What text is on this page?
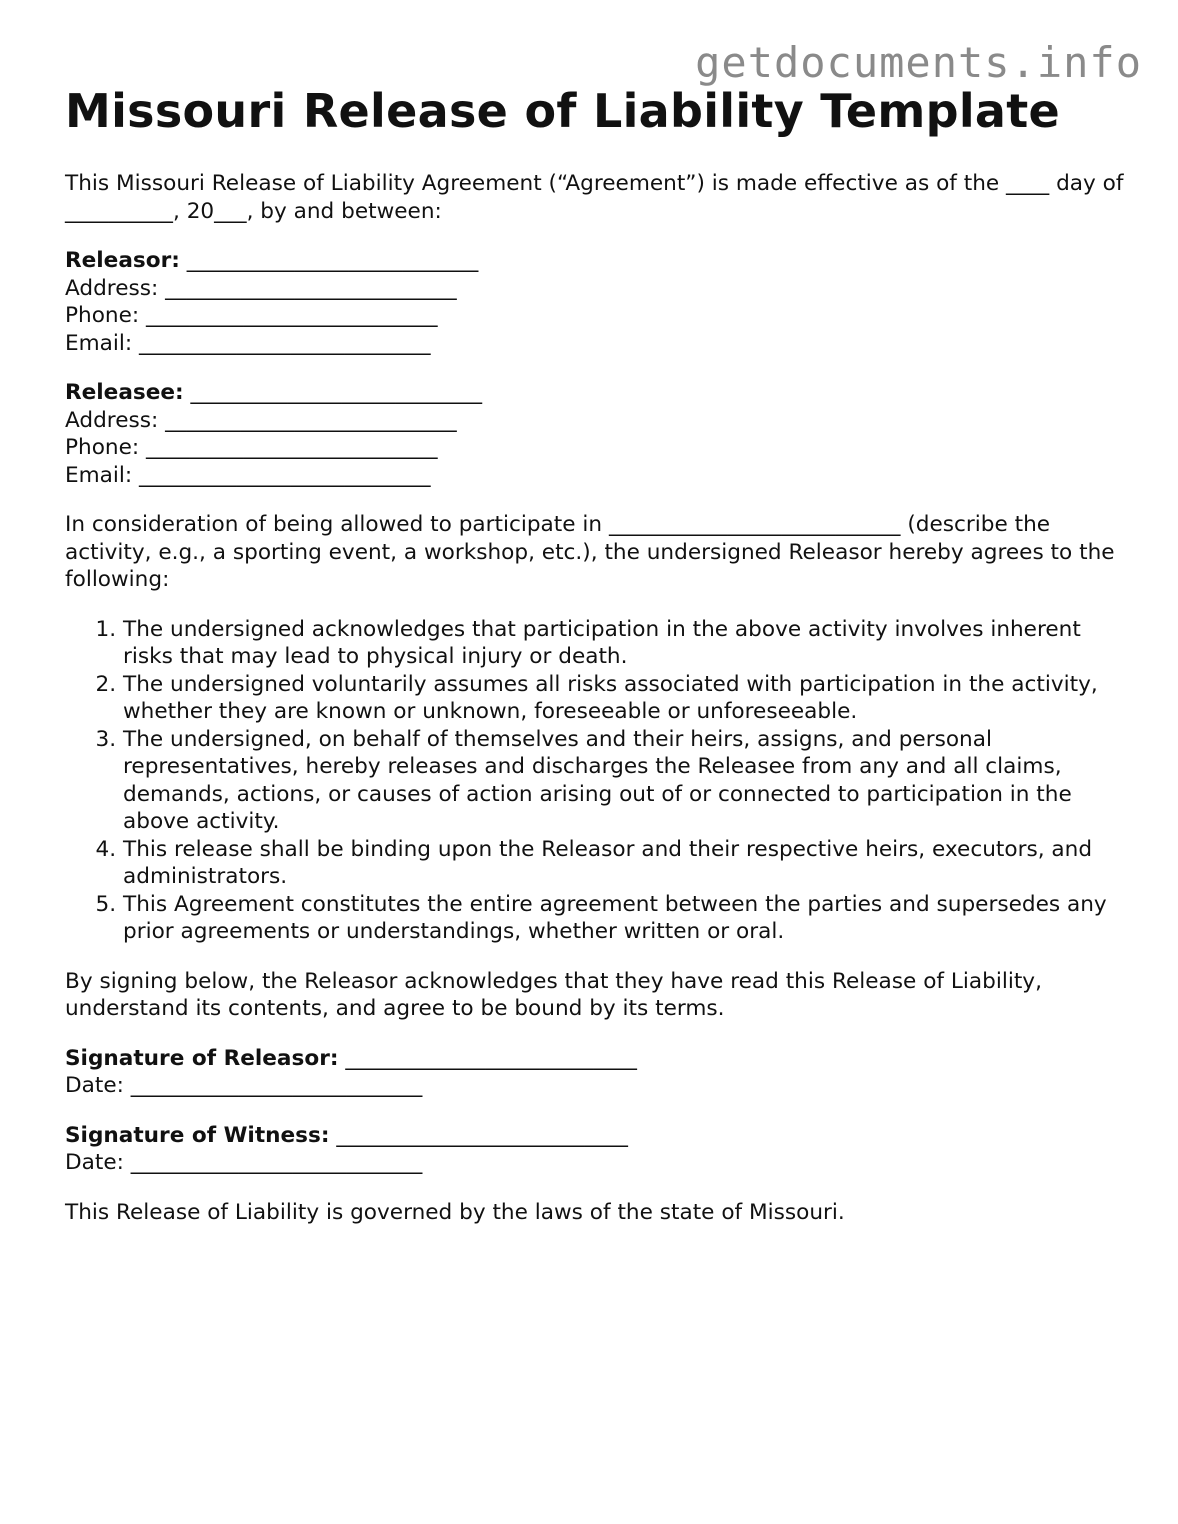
getdocuments.info
Missouri Release of Liability Template

This Missouri Release of Liability Agreement (“Agreement”) is made effective as of the ____ day of __________, 20___, by and between:

Releasor: ___________________________
Address: ___________________________
Phone: ___________________________
Email: ___________________________
Releasee: ___________________________
Address: ___________________________
Phone: ___________________________
Email: ___________________________

In consideration of being allowed to participate in ___________________________ (describe the activity, e.g., a sporting event, a workshop, etc.), the undersigned Releasor hereby agrees to the following:

1. The undersigned acknowledges that participation in the above activity involves inherent risks that may lead to physical injury or death.
2. The undersigned voluntarily assumes all risks associated with participation in the activity, whether they are known or unknown, foreseeable or unforeseeable.
3. The undersigned, on behalf of themselves and their heirs, assigns, and personal representatives, hereby releases and discharges the Releasee from any and all claims, demands, actions, or causes of action arising out of or connected to participation in the above activity.
4. This release shall be binding upon the Releasor and their respective heirs, executors, and administrators.
5. This Agreement constitutes the entire agreement between the parties and supersedes any prior agreements or understandings, whether written or oral.

By signing below, the Releasor acknowledges that they have read this Release of Liability, understand its contents, and agree to be bound by its terms.

Signature of Releasor: ___________________________
Date: ___________________________
Signature of Witness: ___________________________
Date: ___________________________

This Release of Liability is governed by the laws of the state of Missouri.
